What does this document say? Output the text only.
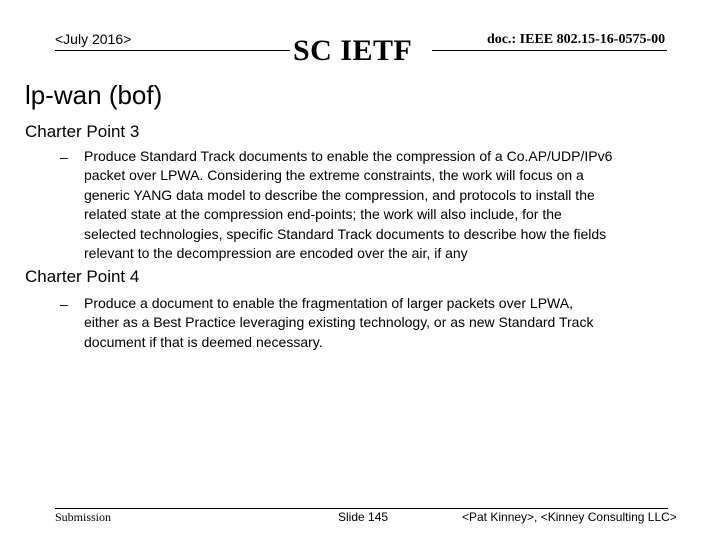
<July 2016>	SC IETF	doc.: IEEE 802.15-16-0575-00
lp-wan (bof)
Charter Point 3
– Produce Standard Track documents to enable the compression of a Co.AP/UDP/IPv6
packet over LPWA. Considering the extreme constraints, the work will focus on a
generic YANG data model to describe the compression, and protocols to install the
related state at the compression end-points; the work will also include, for the
selected technologies, specific Standard Track documents to describe how the fields
relevant to the decompression are encoded over the air, if any
Charter Point 4
– Produce a document to enable the fragmentation of larger packets over LPWA,
either as a Best Practice leveraging existing technology, or as new Standard Track
document if that is deemed necessary.
Submission	Slide 145	<Pat Kinney>, <Kinney Consulting LLC>
